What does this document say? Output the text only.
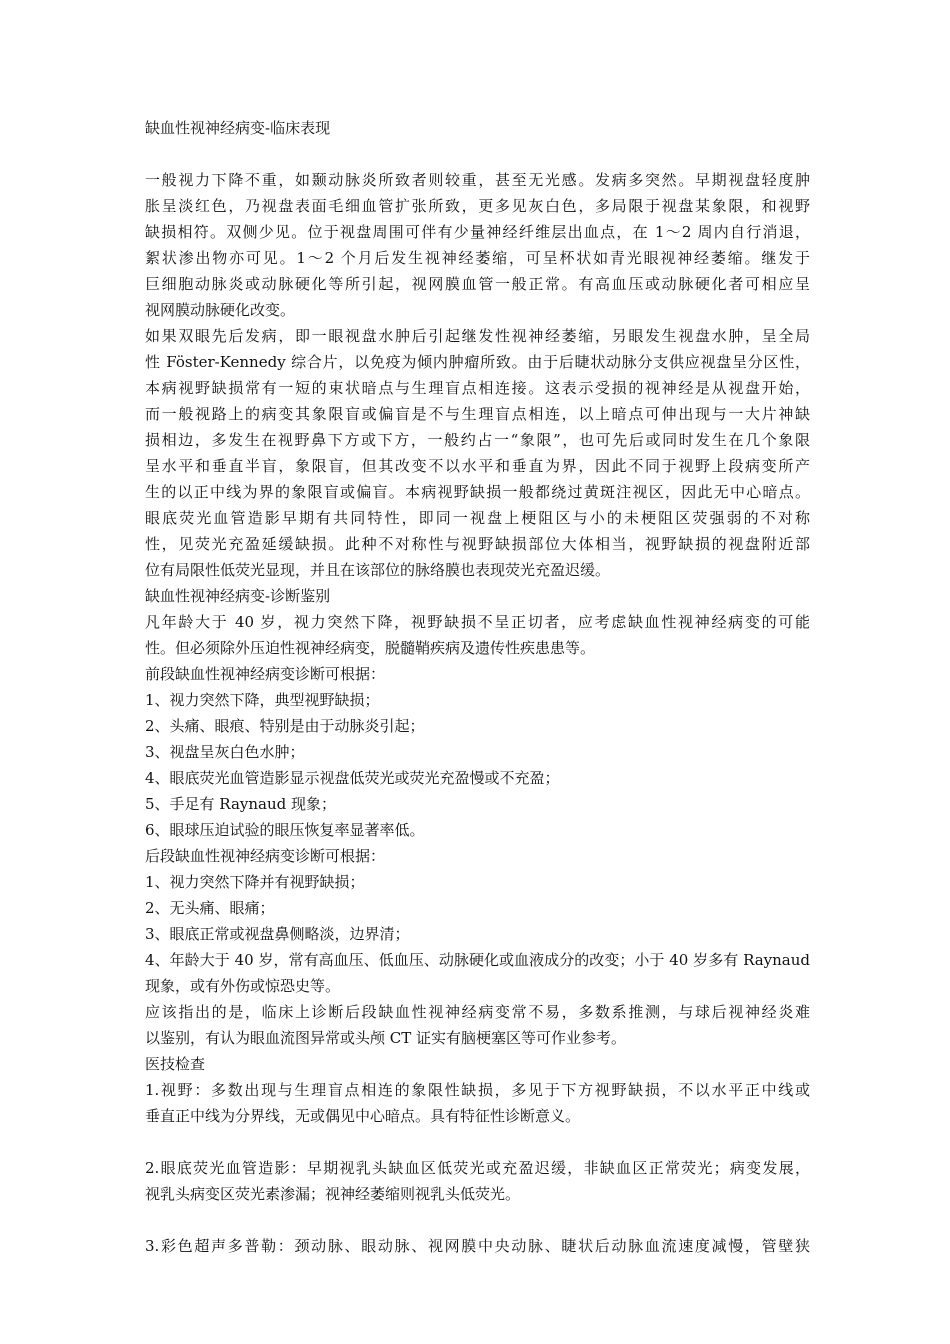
缺血性视神经病变-临床表现
一般视力下降不重，如颞动脉炎所致者则较重，甚至无光感。发病多突然。早期视盘轻度肿
胀呈淡红色，乃视盘表面毛细血管扩张所致，更多见灰白色，多局限于视盘某象限，和视野
缺损相符。双侧少见。位于视盘周围可伴有少量神经纤维层出血点，在 1～2 周内自行消退，
絮状渗出物亦可见。1～2 个月后发生视神经萎缩，可呈杯状如青光眼视神经萎缩。继发于
巨细胞动脉炎或动脉硬化等所引起，视网膜血管一般正常。有高血压或动脉硬化者可相应呈
视网膜动脉硬化改变。
如果双眼先后发病，即一眼视盘水肿后引起继发性视神经萎缩，另眼发生视盘水肿，呈全局
性 Föster-Kennedy 综合片，以免疫为倾内肿瘤所致。由于后睫状动脉分支供应视盘呈分区性，
本病视野缺损常有一短的束状暗点与生理盲点相连接。这表示受损的视神经是从视盘开始，
而一般视路上的病变其象限盲或偏盲是不与生理盲点相连，以上暗点可伸出现与一大片神缺
损相边，多发生在视野鼻下方或下方，一般约占一“象限”，也可先后或同时发生在几个象限
呈水平和垂直半盲，象限盲，但其改变不以水平和垂直为界，因此不同于视野上段病变所产
生的以正中线为界的象限盲或偏盲。本病视野缺损一般都绕过黄斑注视区，因此无中心暗点。
眼底荧光血管造影早期有共同特性，即同一视盘上梗阻区与小的未梗阻区荧强弱的不对称
性，见荧光充盈延缓缺损。此种不对称性与视野缺损部位大体相当，视野缺损的视盘附近部
位有局限性低荧光显现，并且在该部位的脉络膜也表现荧光充盈迟缓。
缺血性视神经病变-诊断鉴别
凡年龄大于 40 岁，视力突然下降，视野缺损不呈正切者，应考虑缺血性视神经病变的可能
性。但必须除外压迫性视神经病变，脱髓鞘疾病及遗传性疾患患等。
前段缺血性视神经病变诊断可根据：
1、视力突然下降，典型视野缺损；
2、头痛、眼痕、特别是由于动脉炎引起；
3、视盘呈灰白色水肿；
4、眼底荧光血管造影显示视盘低荧光或荧光充盈慢或不充盈；
5、手足有 Raynaud 现象；
6、眼球压迫试验的眼压恢复率显著率低。
后段缺血性视神经病变诊断可根据：
1、视力突然下降并有视野缺损；
2、无头痛、眼痛；
3、眼底正常或视盘鼻侧略淡，边界清；
4、年龄大于 40 岁，常有高血压、低血压、动脉硬化或血液成分的改变；小于 40 岁多有 Raynaud
现象，或有外伤或惊恐史等。
应该指出的是，临床上诊断后段缺血性视神经病变常不易，多数系推测，与球后视神经炎难
以鉴别，有认为眼血流图异常或头颅 CT 证实有脑梗塞区等可作业参考。
医技检查
1.视野：多数出现与生理盲点相连的象限性缺损，多见于下方视野缺损，不以水平正中线或
垂直正中线为分界线，无或偶见中心暗点。具有特征性诊断意义。
2.眼底荧光血管造影：早期视乳头缺血区低荧光或充盈迟缓，非缺血区正常荧光；病变发展，
视乳头病变区荧光素渗漏；视神经萎缩则视乳头低荧光。
3.彩色超声多普勒：颈动脉、眼动脉、视网膜中央动脉、睫状后动脉血流速度减慢，管壁狭
